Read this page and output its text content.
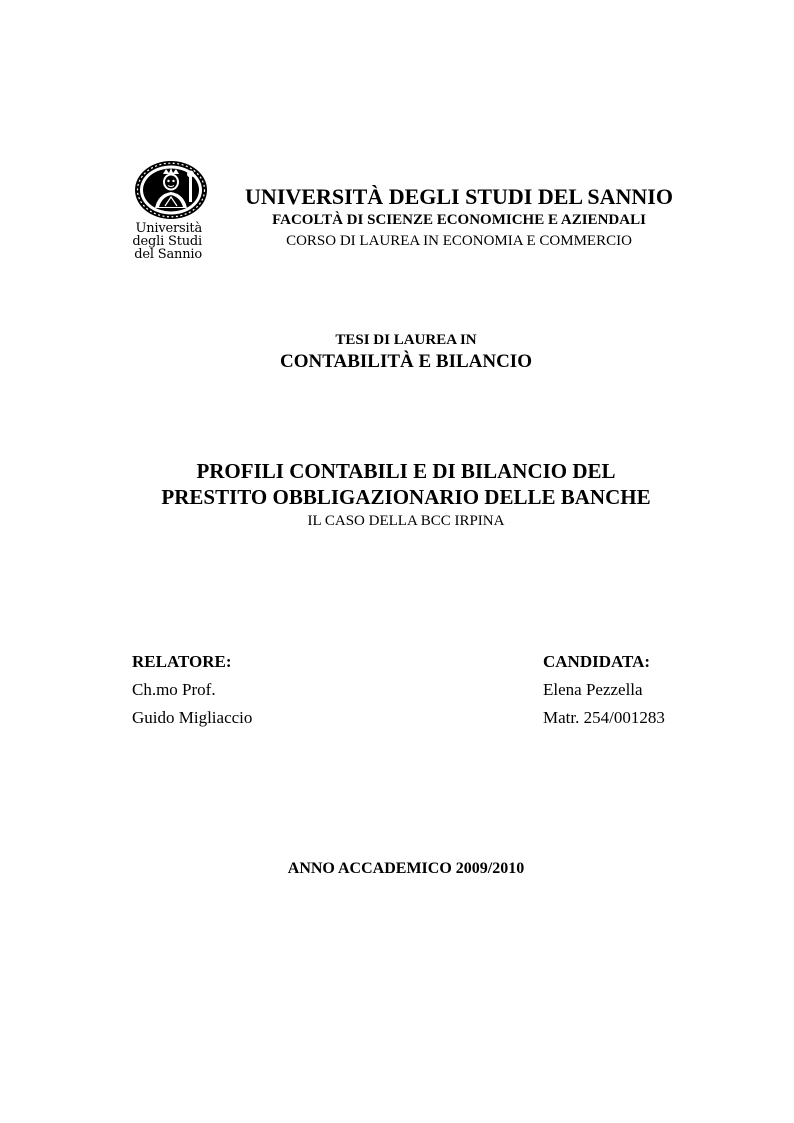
Università
degli Studi
del Sannio
UNIVERSITÀ DEGLI STUDI DEL SANNIO
FACOLTÀ DI SCIENZE ECONOMICHE E AZIENDALI
CORSO DI LAUREA IN ECONOMIA E COMMERCIO
TESI DI LAUREA IN
CONTABILITÀ E BILANCIO
PROFILI CONTABILI E DI BILANCIO DEL
PRESTITO OBBLIGAZIONARIO DELLE BANCHE
IL CASO DELLA BCC IRPINA
RELATORE:
Ch.mo Prof.
Guido Migliaccio
CANDIDATA:
Elena Pezzella
Matr. 254/001283
ANNO ACCADEMICO 2009/2010
